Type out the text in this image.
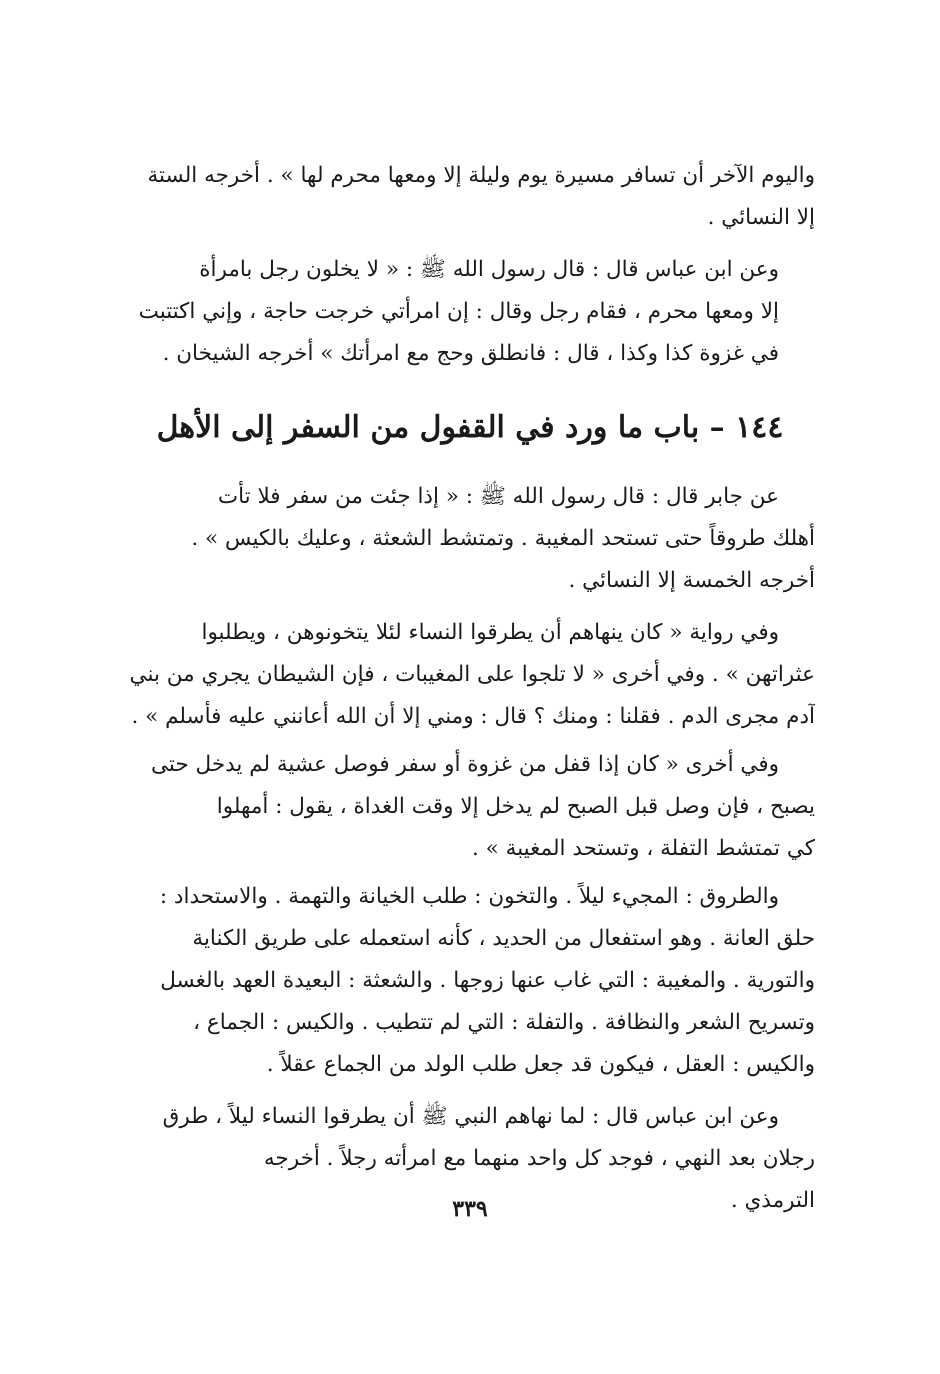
واليوم الآخر أن تسافر مسيرة يوم وليلة إلا ومعها محرم لها » . أخرجه الستة
إلا النسائي .

وعن ابن عباس قال : قال رسول الله ﷺ : « لا يخلون رجل بامرأة
إلا ومعها محرم ، فقام رجل وقال : إن امرأتي خرجت حاجة ، وإني اكتتبت
في غزوة كذا وكذا ، قال : فانطلق وحج مع امرأتك » أخرجه الشيخان .

١٤٤ – باب ما ورد في القفول من السفر إلى الأهل

عن جابر قال : قال رسول الله ﷺ : « إذا جئت من سفر فلا تأت
أهلك طروقاً حتى تستحد المغيبة . وتمتشط الشعثة ، وعليك بالكيس » .
أخرجه الخمسة إلا النسائي .

وفي رواية « كان ينهاهم أن يطرقوا النساء لئلا يتخونوهن ، ويطلبوا
عثراتهن » . وفي أخرى « لا تلجوا على المغيبات ، فإن الشيطان يجري من بني
آدم مجرى الدم . فقلنا : ومنك ؟ قال : ومني إلا أن الله أعانني عليه فأسلم » .

وفي أخرى « كان إذا قفل من غزوة أو سفر فوصل عشية لم يدخل حتى
يصبح ، فإن وصل قبل الصبح لم يدخل إلا وقت الغداة ، يقول : أمهلوا
كي تمتشط التفلة ، وتستحد المغيبة » .

والطروق : المجيء ليلاً . والتخون : طلب الخيانة والتهمة . والاستحداد :
حلق العانة . وهو استفعال من الحديد ، كأنه استعمله على طريق الكناية
والتورية . والمغيبة : التي غاب عنها زوجها . والشعثة : البعيدة العهد بالغسل
وتسريح الشعر والنظافة . والتفلة : التي لم تتطيب . والكيس : الجماع ،
والكيس : العقل ، فيكون قد جعل طلب الولد من الجماع عقلاً .

وعن ابن عباس قال : لما نهاهم النبي ﷺ أن يطرقوا النساء ليلاً ، طرق
رجلان بعد النهي ، فوجد كل واحد منهما مع امرأته رجلاً . أخرجه
الترمذي .

٣٣٩
